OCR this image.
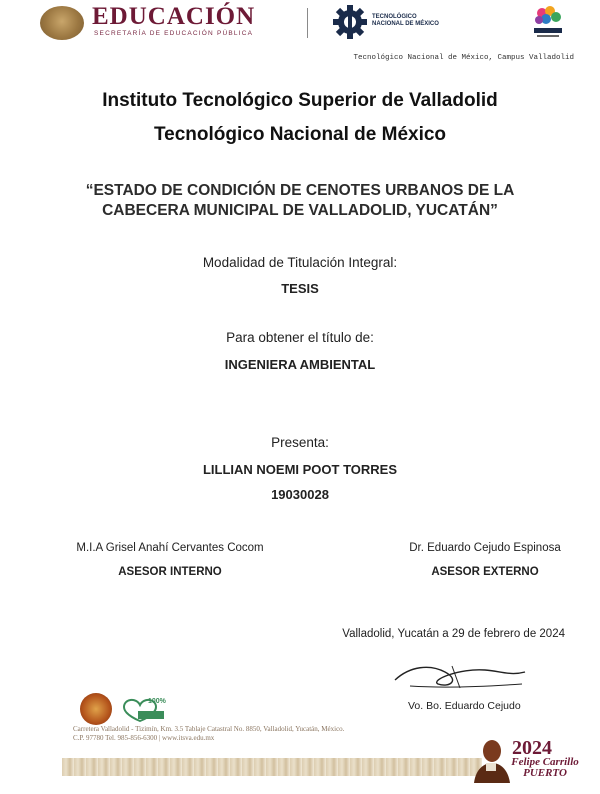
EDUCACIÓN
SECRETARÍA DE EDUCACIÓN PÚBLICA
TECNOLÓGICO
NACIONAL DE MÉXICO
Tecnológico Nacional de México, Campus Valladolid
Instituto Tecnológico Superior de Valladolid
Tecnológico Nacional de México
“ESTADO DE CONDICIÓN DE CENOTES URBANOS DE LA
CABECERA MUNICIPAL DE VALLADOLID, YUCATÁN”
Modalidad de Titulación Integral:
TESIS
Para obtener el título de:
INGENIERA AMBIENTAL
Presenta:
LILLIAN NOEMI POOT TORRES
19030028
M.I.A Grisel Anahí Cervantes Cocom
ASESOR INTERNO
Dr. Eduardo Cejudo Espinosa
ASESOR EXTERNO
Valladolid, Yucatán a 29 de febrero de 2024
Vo. Bo. Eduardo Cejudo
100%
Carretera Valladolid - Tizimín, Km. 3.5 Tablaje Catastral No. 8850, Valladolid, Yucatán, México.
C.P. 97780 Tel. 985-856-6300 | www.itsva.edu.mx	2024
Felipe Carrillo
PUERTO
